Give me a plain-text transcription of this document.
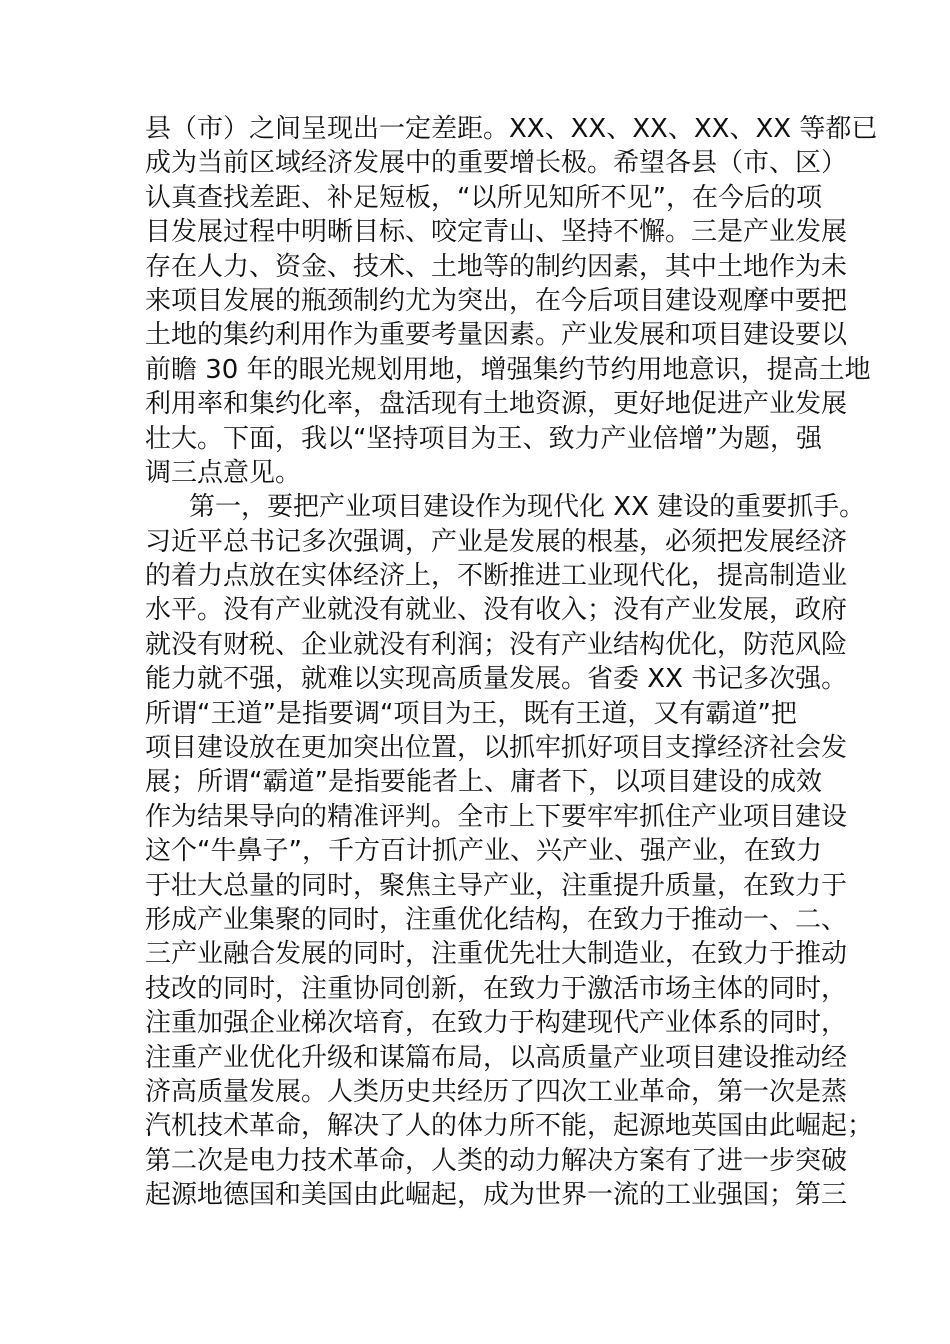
县（市）之间呈现出一定差距。XX、XX、XX、XX、XX 等都已
成为当前区域经济发展中的重要增长极。希望各县（市、区）
认真查找差距、补足短板，“以所见知所不见”，在今后的项
目发展过程中明晰目标、咬定青山、坚持不懈。三是产业发展
存在人力、资金、技术、土地等的制约因素，其中土地作为未
来项目发展的瓶颈制约尤为突出，在今后项目建设观摩中要把
土地的集约利用作为重要考量因素。产业发展和项目建设要以
前瞻 30 年的眼光规划用地，增强集约节约用地意识，提高土地
利用率和集约化率，盘活现有土地资源，更好地促进产业发展
壮大。下面，我以“坚持项目为王、致力产业倍增”为题，强
调三点意见。
第一，要把产业项目建设作为现代化 XX 建设的重要抓手。
习近平总书记多次强调，产业是发展的根基，必须把发展经济
的着力点放在实体经济上，不断推进工业现代化，提高制造业
水平。没有产业就没有就业、没有收入；没有产业发展，政府
就没有财税、企业就没有利润；没有产业结构优化，防范风险
能力就不强，就难以实现高质量发展。省委 XX 书记多次强。
所谓“王道”是指要调“项目为王，既有王道，又有霸道”把
项目建设放在更加突出位置，以抓牢抓好项目支撑经济社会发
展；所谓“霸道”是指要能者上、庸者下，以项目建设的成效
作为结果导向的精准评判。全市上下要牢牢抓住产业项目建设
这个“牛鼻子”，千方百计抓产业、兴产业、强产业，在致力
于壮大总量的同时，聚焦主导产业，注重提升质量，在致力于
形成产业集聚的同时，注重优化结构，在致力于推动一、二、
三产业融合发展的同时，注重优先壮大制造业，在致力于推动
技改的同时，注重协同创新，在致力于激活市场主体的同时，
注重加强企业梯次培育，在致力于构建现代产业体系的同时，
注重产业优化升级和谋篇布局，以高质量产业项目建设推动经
济高质量发展。人类历史共经历了四次工业革命，第一次是蒸
汽机技术革命，解决了人的体力所不能，起源地英国由此崛起；
第二次是电力技术革命，人类的动力解决方案有了进一步突破
起源地德国和美国由此崛起，成为世界一流的工业强国；第三
